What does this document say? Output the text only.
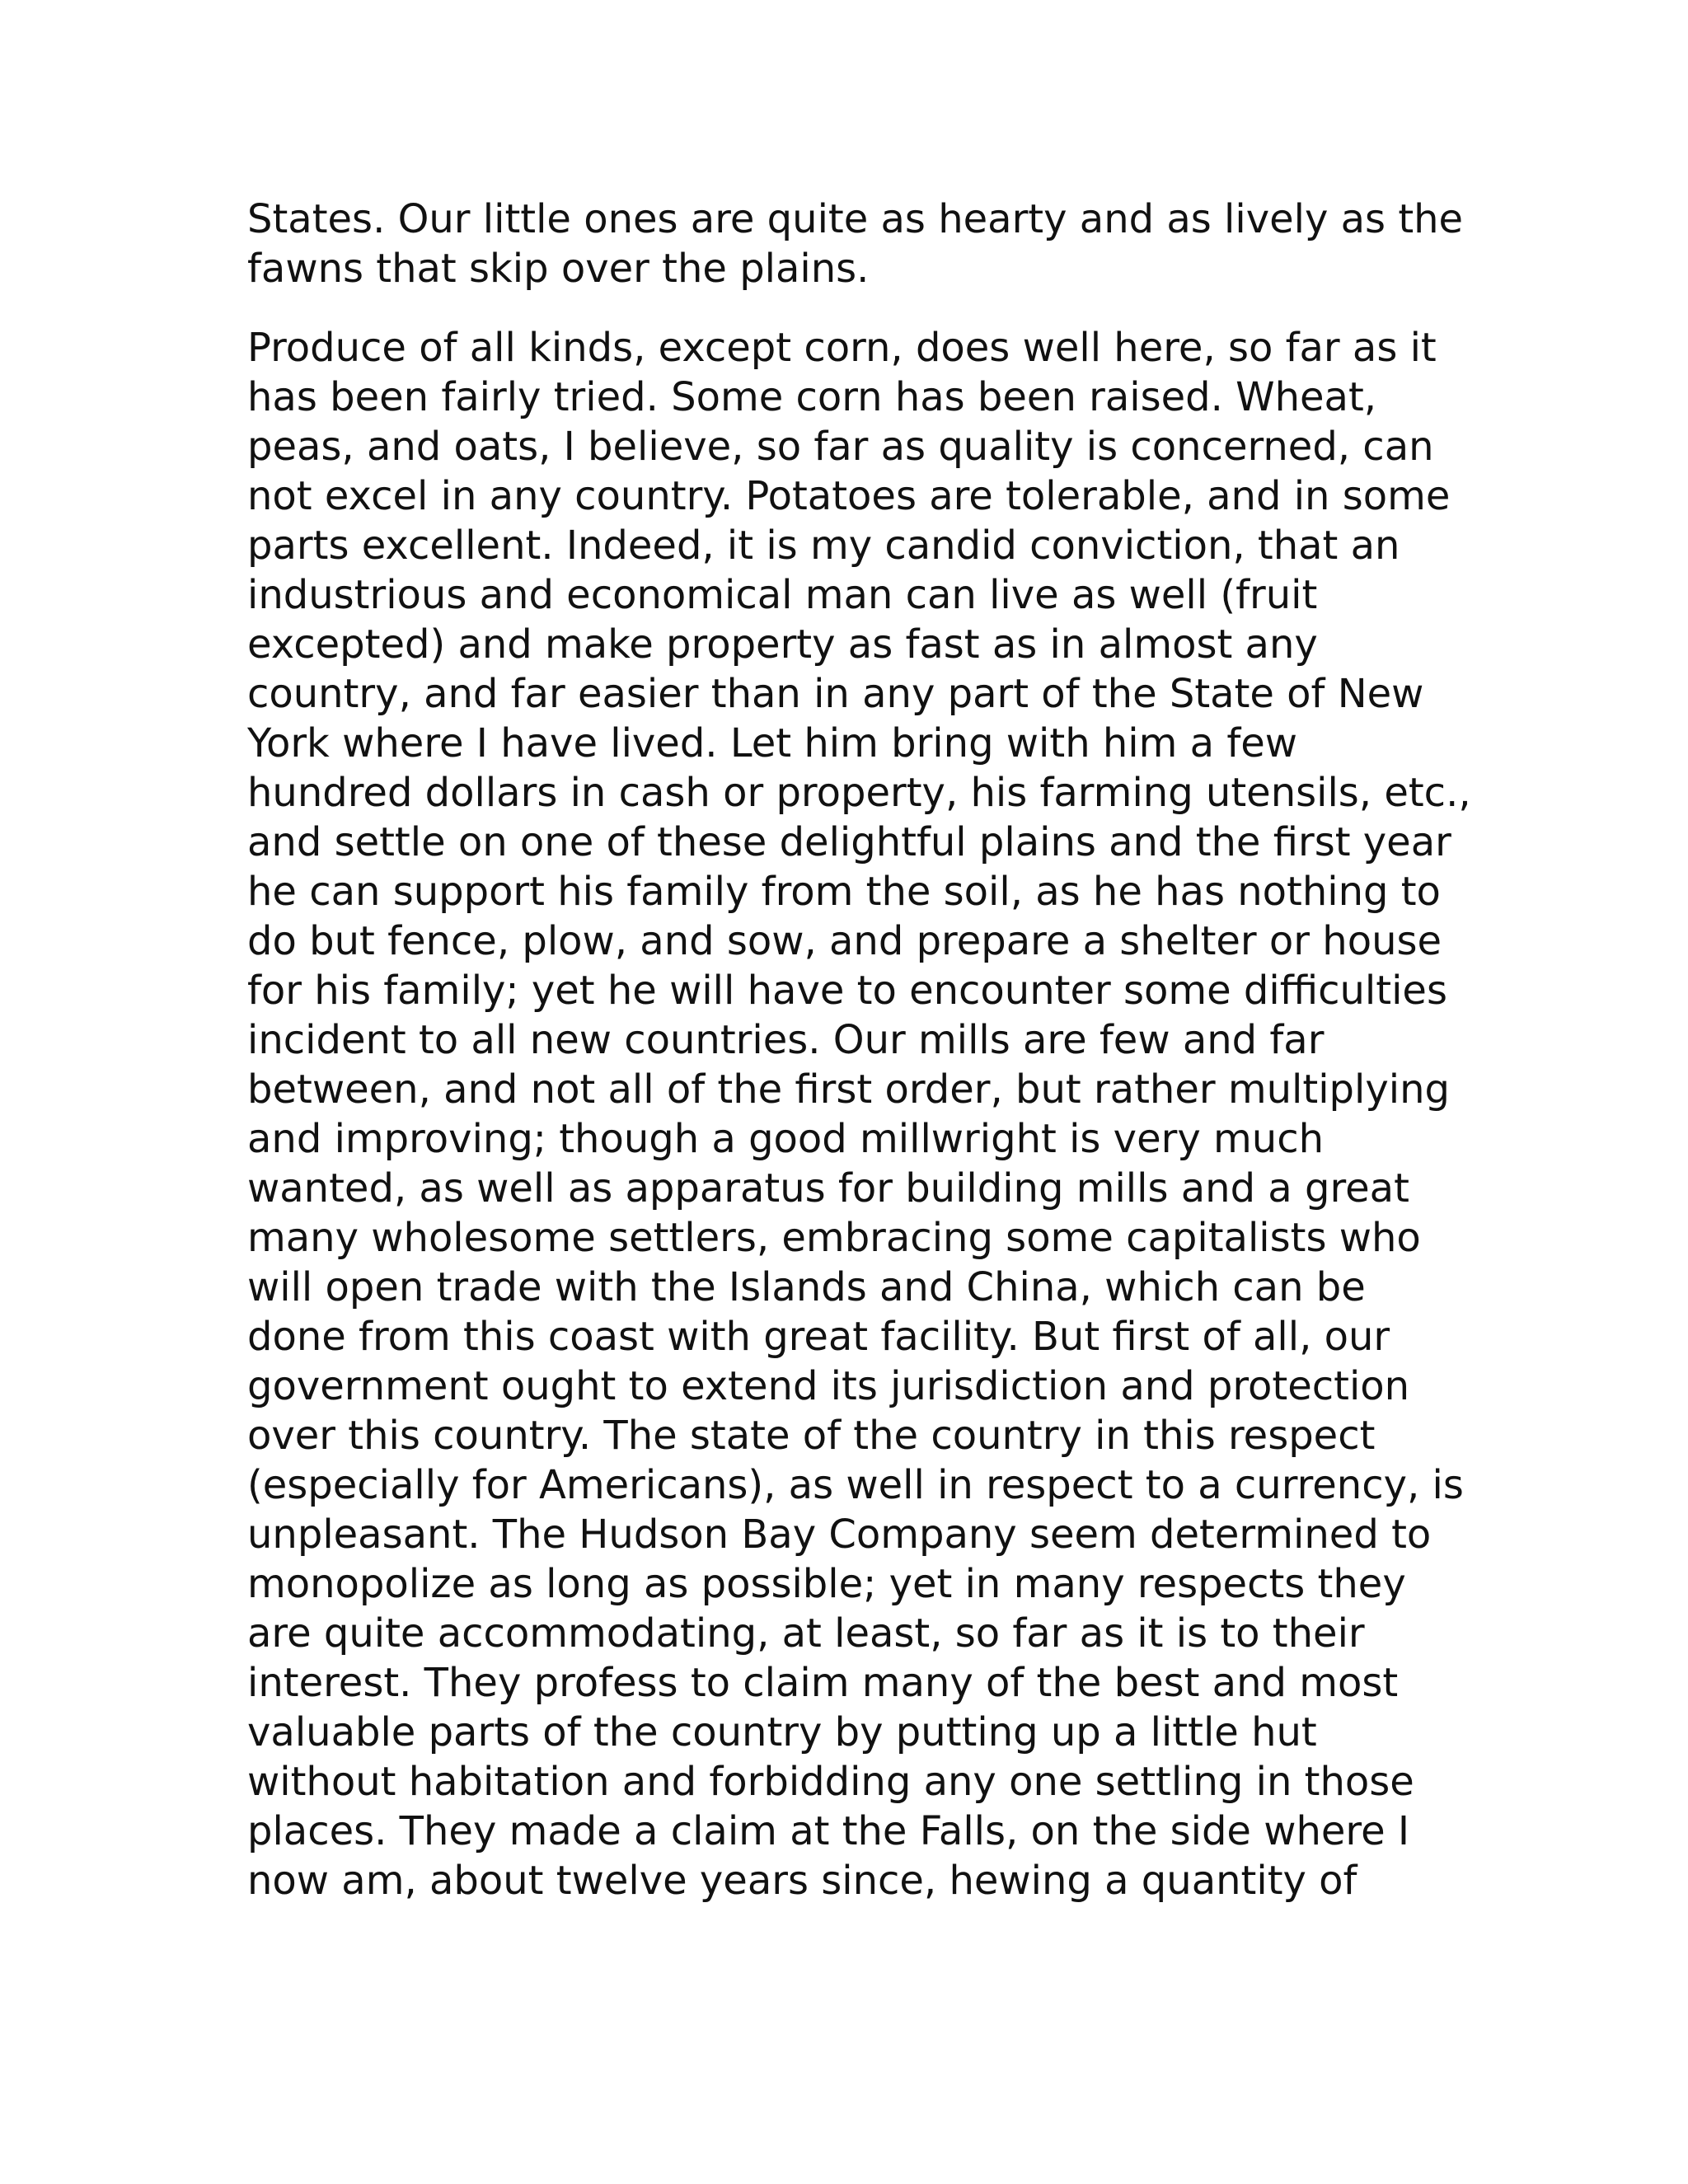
States. Our little ones are quite as hearty and as lively as the
fawns that skip over the plains.

Produce of all kinds, except corn, does well here, so far as it
has been fairly tried. Some corn has been raised. Wheat,
peas, and oats, I believe, so far as quality is concerned, can
not excel in any country. Potatoes are tolerable, and in some
parts excellent. Indeed, it is my candid conviction, that an
industrious and economical man can live as well (fruit
excepted) and make property as fast as in almost any
country, and far easier than in any part of the State of New
York where I have lived. Let him bring with him a few
hundred dollars in cash or property, his farming utensils, etc.,
and settle on one of these delightful plains and the first year
he can support his family from the soil, as he has nothing to
do but fence, plow, and sow, and prepare a shelter or house
for his family; yet he will have to encounter some difficulties
incident to all new countries. Our mills are few and far
between, and not all of the first order, but rather multiplying
and improving; though a good millwright is very much
wanted, as well as apparatus for building mills and a great
many wholesome settlers, embracing some capitalists who
will open trade with the Islands and China, which can be
done from this coast with great facility. But first of all, our
government ought to extend its jurisdiction and protection
over this country. The state of the country in this respect
(especially for Americans), as well in respect to a currency, is
unpleasant. The Hudson Bay Company seem determined to
monopolize as long as possible; yet in many respects they
are quite accommodating, at least, so far as it is to their
interest. They profess to claim many of the best and most
valuable parts of the country by putting up a little hut
without habitation and forbidding any one settling in those
places. They made a claim at the Falls, on the side where I
now am, about twelve years since, hewing a quantity of
